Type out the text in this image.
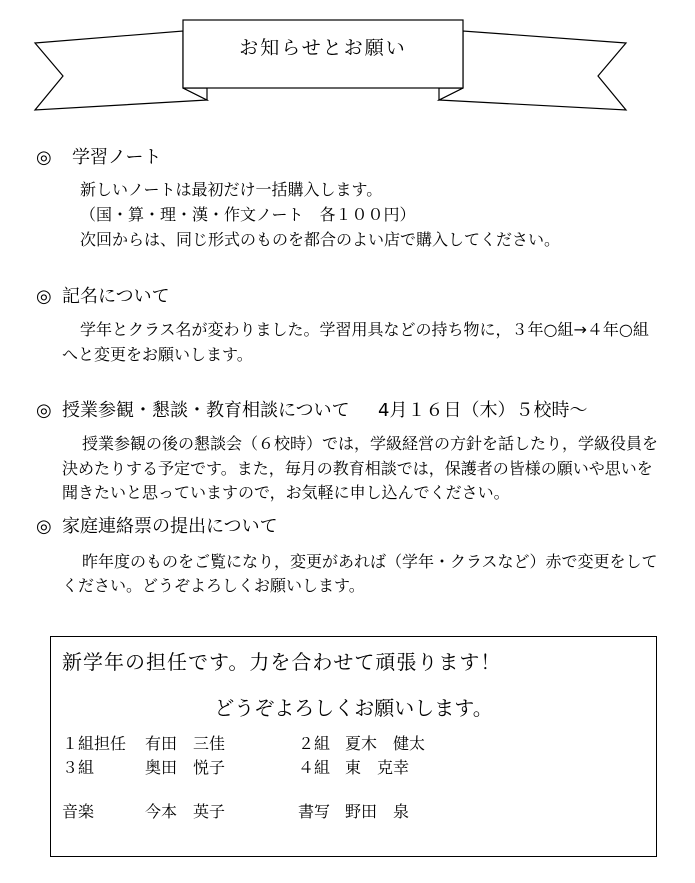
お知らせとお願い
◎ 学習ノート
新しいノートは最初だけ一括購入します。
（国・算・理・漢・作文ノート　各１００円）
次回からは、同じ形式のものを都合のよい店で購入してください。
◎ 記名について
学年とクラス名が変わりました。学習用具などの持ち物に，３年○組→４年○組
へと変更をお願いします。
◎ 授業参観・懇談・教育相談について 4月１６日（木）５校時～
授業参観の後の懇談会（６校時）では，学級経営の方針を話したり，学級役員を
決めたりする予定です。また，毎月の教育相談では，保護者の皆様の願いや思いを
聞きたいと思っていますので，お気軽に申し込んでください。
◎ 家庭連絡票の提出について
昨年度のものをご覧になり，変更があれば（学年・クラスなど）赤で変更をして
ください。どうぞよろしくお願いします。
新学年の担任です。力を合わせて頑張ります！
どうぞよろしくお願いします。
１組担任 有田　三佳	２組 夏木　健太
３組	奥田　悦子	４組 東　克幸
音楽	今本　英子	書写 野田　泉
